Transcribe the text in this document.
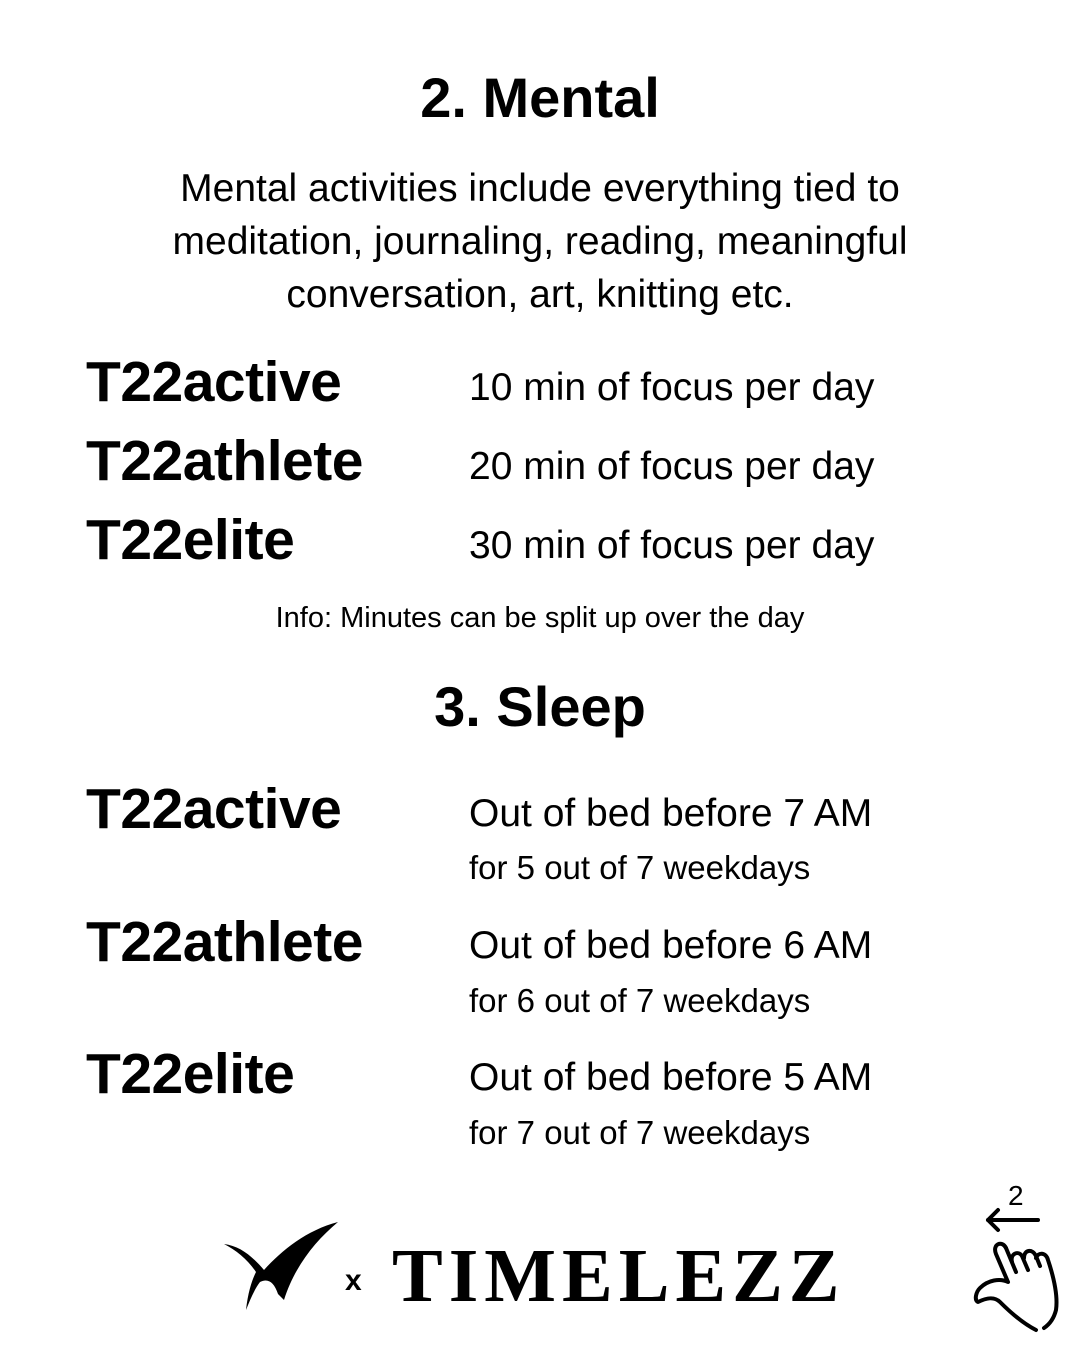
2. Mental
Mental activities include everything tied to
meditation, journaling, reading, meaningful
conversation, art, knitting etc.
T22active	10 min of focus per day
T22athlete	20 min of focus per day
T22elite	30 min of focus per day
Info: Minutes can be split up over the day
3. Sleep
T22active	Out of bed before 7 AM
for 5 out of 7 weekdays
T22athlete	Out of bed before 6 AM
for 6 out of 7 weekdays
T22elite	Out of bed before 5 AM
for 7 out of 7 weekdays
x TIMELEZZ
2
